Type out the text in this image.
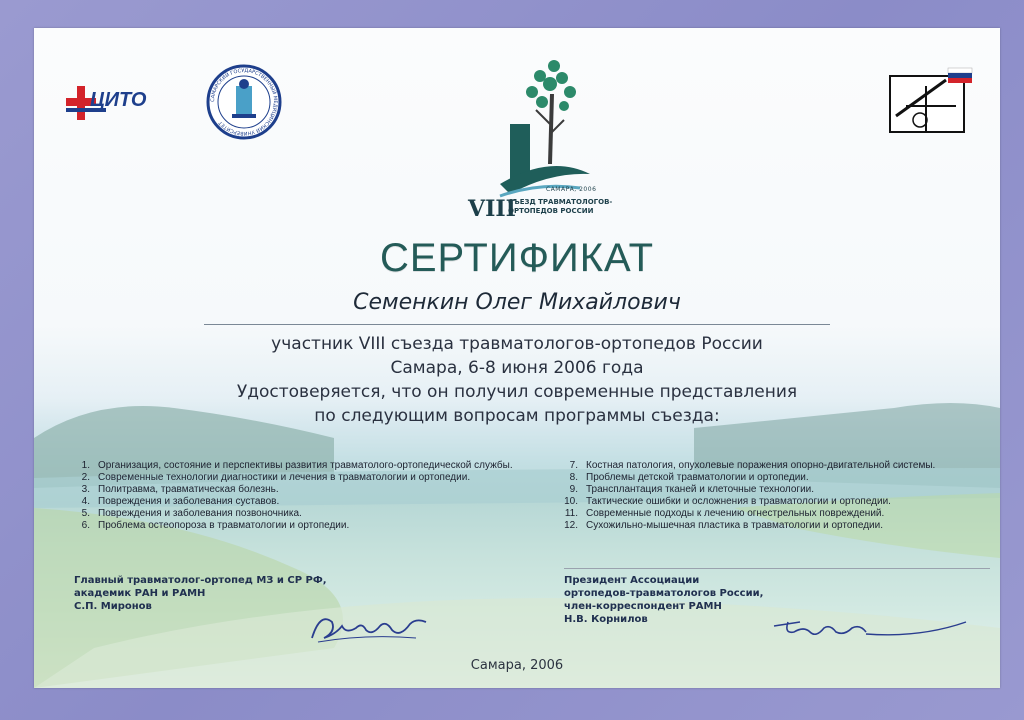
ЦИТО	САМАРСКИЙ ГОСУДАРСТВЕННЫЙ МЕДИЦИНСКИЙ УНИВЕРСИТЕТ
САМАРА, 2006
VIII
СЪЕЗД ТРАВМАТОЛОГОВ-
ОРТОПЕДОВ РОССИИ
СЕРТИФИКАТ
Семенкин Олег Михайлович
участник VIII съезда травматологов-ортопедов России
Самара, 6-8 июня 2006 года
Удостоверяется, что он получил современные представления
по следующим вопросам программы съезда:
1. Организация, состояние и перспективы развития травматолого-ортопедической службы.
2. Современные технологии диагностики и лечения в травматологии и ортопедии.
3. Политравма, травматическая болезнь.
4. Повреждения и заболевания суставов.
5. Повреждения и заболевания позвоночника.
6. Проблема остеопороза в травматологии и ортопедии.
7. Костная патология, опухолевые поражения опорно-двигательной системы.
8. Проблемы детской травматологии и ортопедии.
9. Трансплантация тканей и клеточные технологии.
10. Тактические ошибки и осложнения в травматологии и ортопедии.
11. Современные подходы к лечению огнестрельных повреждений.
12. Сухожильно-мышечная пластика в травматологии и ортопедии.
Главный травматолог-ортопед МЗ и СР РФ,
академик РАН и РАМН
С.П. Миронов
Президент Ассоциации
ортопедов-травматологов России,
член-корреспондент РАМН
Н.В. Корнилов
Самара, 2006
